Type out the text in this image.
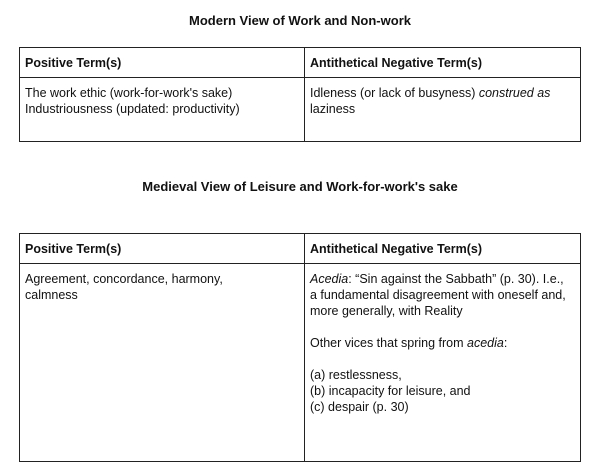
Modern View of Work and Non-work
Positive Term(s)	Antithetical Negative Term(s)

The work ethic (work-for-work's sake)
Industriousness (updated: productivity)	Idleness (or lack of busyness) construed as laziness
Medieval View of Leisure and Work-for-work's sake
Positive Term(s)	Antithetical Negative Term(s)

Agreement, concordance, harmony, calmness	Acedia: “Sin against the Sabbath” (p. 30). I.e., a fundamental disagreement with oneself and, more generally, with Reality
Other vices that spring from acedia:
(a) restlessness,
(b) incapacity for leisure, and
(c) despair (p. 30)
